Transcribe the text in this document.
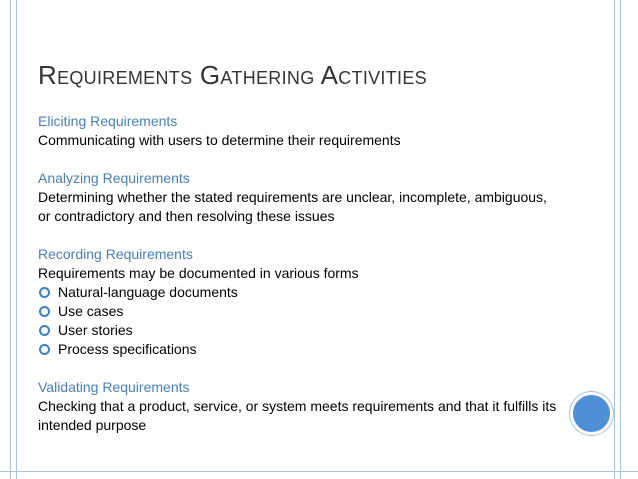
Requirements Gathering Activities
Eliciting Requirements
Communicating with users to determine their requirements
Analyzing Requirements
Determining whether the stated requirements are unclear, incomplete, ambiguous, or contradictory and then resolving these issues
Recording Requirements
Requirements may be documented in various forms
Natural-language documents
Use cases
User stories
Process specifications
Validating Requirements
Checking that a product, service, or system meets requirements and that it fulfills its intended purpose
